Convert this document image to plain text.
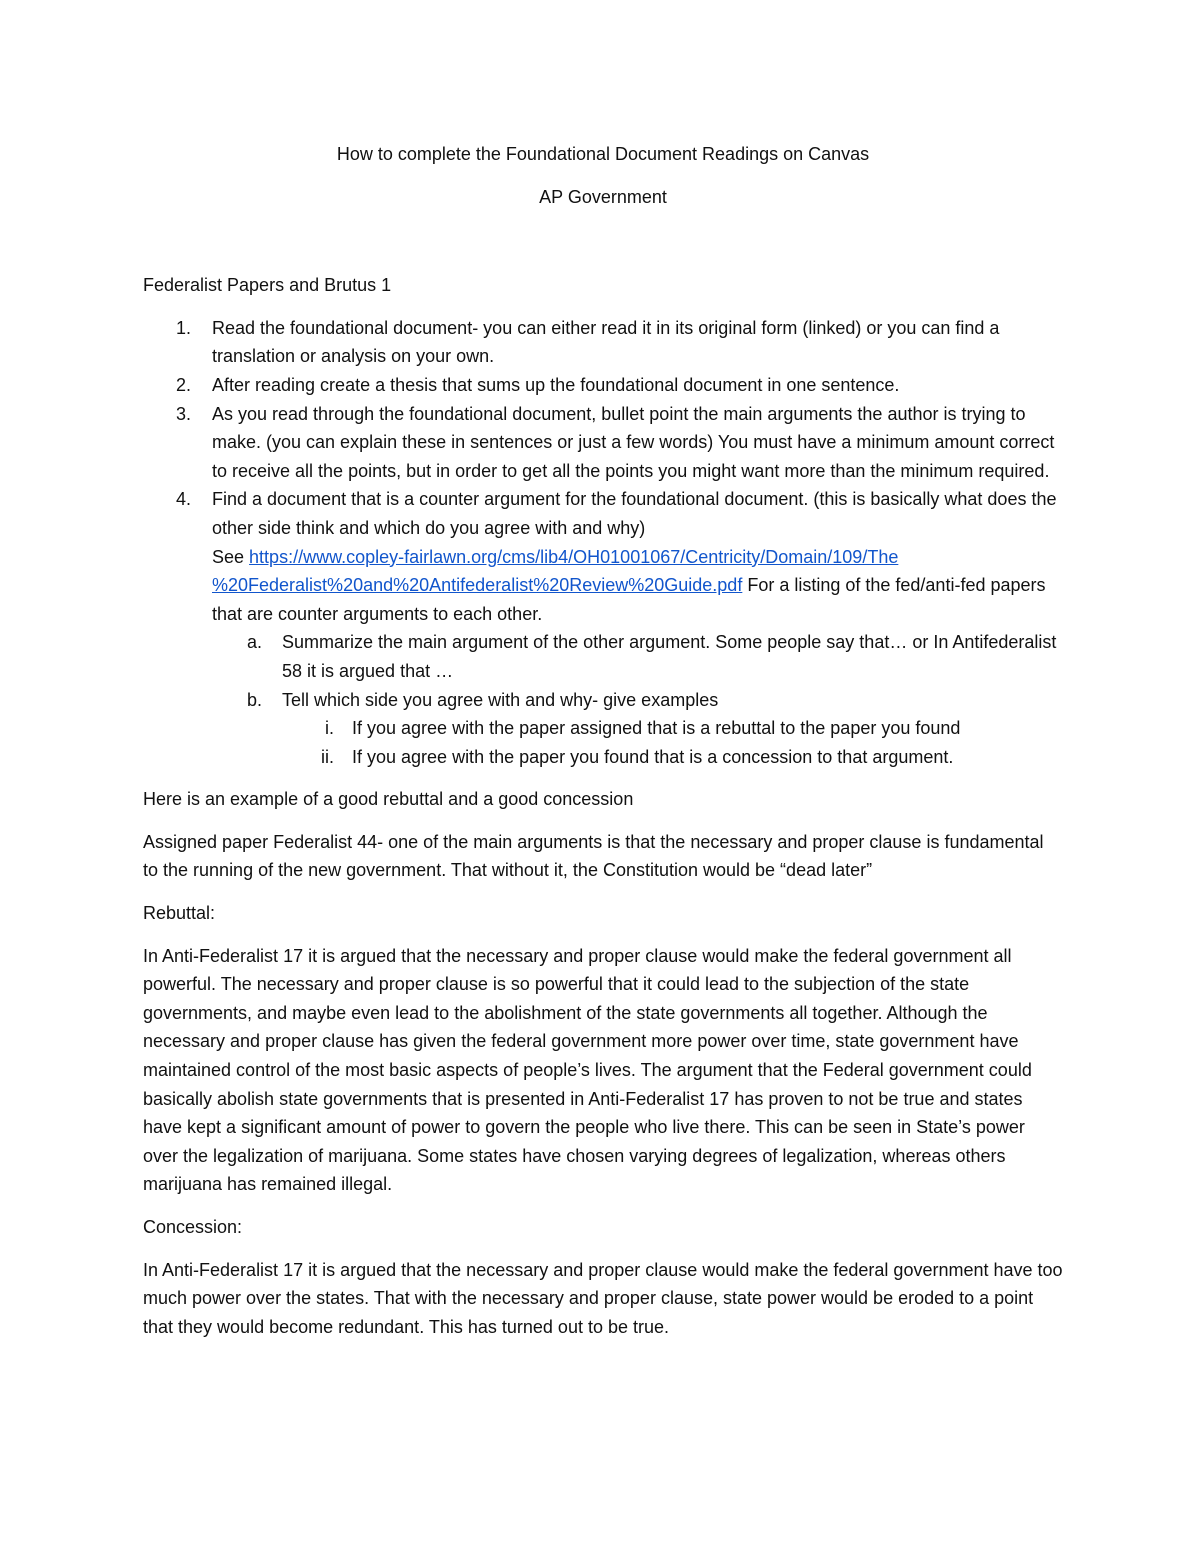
How to complete the Foundational Document Readings on Canvas

AP Government

Federalist Papers and Brutus 1

1. Read the foundational document- you can either read it in its original form (linked) or you can find a translation or analysis on your own.
2. After reading create a thesis that sums up the foundational document in one sentence.
3. As you read through the foundational document, bullet point the main arguments the author is trying to make. (you can explain these in sentences or just a few words) You must have a minimum amount correct to receive all the points, but in order to get all the points you might want more than the minimum required.
4. Find a document that is a counter argument for the foundational document. (this is basically what does the other side think and which do you agree with and why)
See https://www.copley-fairlawn.org/cms/lib4/OH01001067/Centricity/Domain/109/The
%20Federalist%20and%20Antifederalist%20Review%20Guide.pdf For a listing of the fed/anti-fed papers that are counter arguments to each other.
a. Summarize the main argument of the other argument. Some people say that… or In Antifederalist 58 it is argued that …
b. Tell which side you agree with and why- give examples
i. If you agree with the paper assigned that is a rebuttal to the paper you found
ii. If you agree with the paper you found that is a concession to that argument.

Here is an example of a good rebuttal and a good concession

Assigned paper Federalist 44- one of the main arguments is that the necessary and proper clause is fundamental to the running of the new government. That without it, the Constitution would be “dead later”

Rebuttal:

In Anti-Federalist 17 it is argued that the necessary and proper clause would make the federal government all powerful. The necessary and proper clause is so powerful that it could lead to the subjection of the state governments, and maybe even lead to the abolishment of the state governments all together. Although the necessary and proper clause has given the federal government more power over time, state government have maintained control of the most basic aspects of people’s lives. The argument that the Federal government could basically abolish state governments that is presented in Anti-Federalist 17 has proven to not be true and states have kept a significant amount of power to govern the people who live there. This can be seen in State’s power over the legalization of marijuana. Some states have chosen varying degrees of legalization, whereas others marijuana has remained illegal.

Concession:

In Anti-Federalist 17 it is argued that the necessary and proper clause would make the federal government have too much power over the states. That with the necessary and proper clause, state power would be eroded to a point that they would become redundant. This has turned out to be true.
